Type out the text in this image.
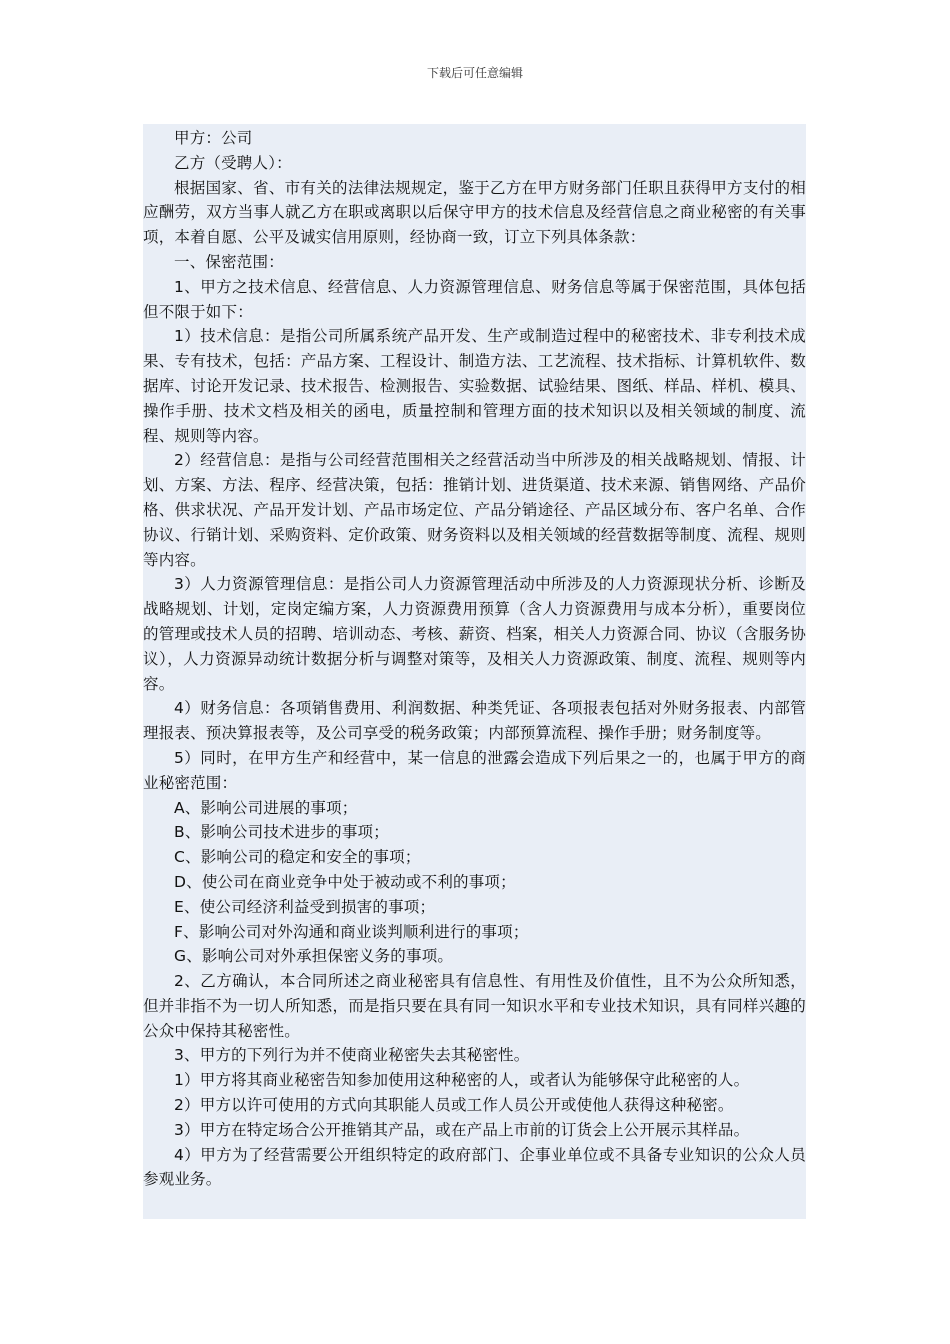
下载后可任意编辑

甲方：公司

乙方（受聘人）：

根据国家、省、市有关的法律法规规定，鉴于乙方在甲方财务部门任职且获得甲方支付的相应酬劳，双方当事人就乙方在职或离职以后保守甲方的技术信息及经营信息之商业秘密的有关事项，本着自愿、公平及诚实信用原则，经协商一致，订立下列具体条款：

一、保密范围：

1、甲方之技术信息、经营信息、人力资源管理信息、财务信息等属于保密范围，具体包括但不限于如下：

1）技术信息：是指公司所属系统产品开发、生产或制造过程中的秘密技术、非专利技术成果、专有技术，包括：产品方案、工程设计、制造方法、工艺流程、技术指标、计算机软件、数据库、讨论开发记录、技术报告、检测报告、实验数据、试验结果、图纸、样品、样机、模具、操作手册、技术文档及相关的函电，质量控制和管理方面的技术知识以及相关领域的制度、流程、规则等内容。

2）经营信息：是指与公司经营范围相关之经营活动当中所涉及的相关战略规划、情报、计划、方案、方法、程序、经营决策，包括：推销计划、进货渠道、技术来源、销售网络、产品价格、供求状况、产品开发计划、产品市场定位、产品分销途径、产品区域分布、客户名单、合作协议、行销计划、采购资料、定价政策、财务资料以及相关领域的经营数据等制度、流程、规则等内容。

3）人力资源管理信息：是指公司人力资源管理活动中所涉及的人力资源现状分析、诊断及战略规划、计划，定岗定编方案，人力资源费用预算（含人力资源费用与成本分析），重要岗位的管理或技术人员的招聘、培训动态、考核、薪资、档案，相关人力资源合同、协议（含服务协议），人力资源异动统计数据分析与调整对策等，及相关人力资源政策、制度、流程、规则等内容。

4）财务信息：各项销售费用、利润数据、种类凭证、各项报表包括对外财务报表、内部管理报表、预决算报表等，及公司享受的税务政策；内部预算流程、操作手册；财务制度等。

5）同时，在甲方生产和经营中，某一信息的泄露会造成下列后果之一的，也属于甲方的商业秘密范围：

A、影响公司进展的事项；

B、影响公司技术进步的事项；

C、影响公司的稳定和安全的事项；

D、使公司在商业竞争中处于被动或不利的事项；

E、使公司经济利益受到损害的事项；

F、影响公司对外沟通和商业谈判顺利进行的事项；

G、影响公司对外承担保密义务的事项。

2、乙方确认，本合同所述之商业秘密具有信息性、有用性及价值性，且不为公众所知悉，但并非指不为一切人所知悉，而是指只要在具有同一知识水平和专业技术知识，具有同样兴趣的公众中保持其秘密性。

3、甲方的下列行为并不使商业秘密失去其秘密性。

1）甲方将其商业秘密告知参加使用这种秘密的人，或者认为能够保守此秘密的人。

2）甲方以许可使用的方式向其职能人员或工作人员公开或使他人获得这种秘密。

3）甲方在特定场合公开推销其产品，或在产品上市前的订货会上公开展示其样品。

4）甲方为了经营需要公开组织特定的政府部门、企事业单位或不具备专业知识的公众人员参观业务。
